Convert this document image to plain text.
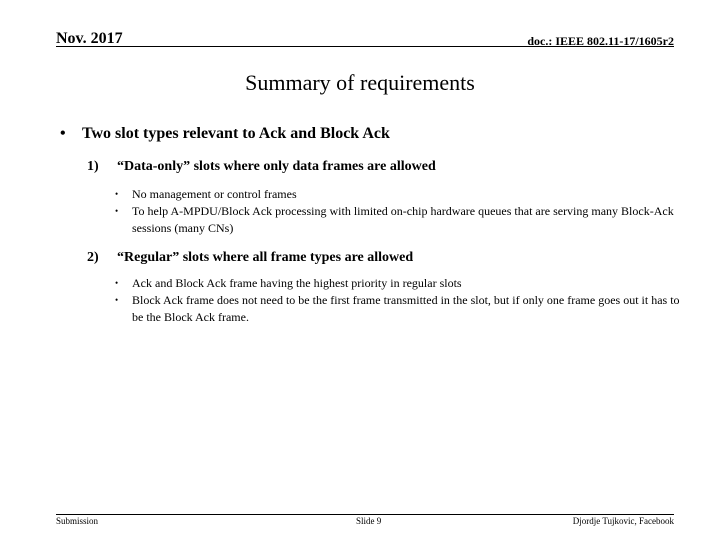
Nov. 2017	doc.: IEEE 802.11-17/1605r2
Summary of requirements
•	Two slot types relevant to Ack and Block Ack
1)	“Data-only” slots where only data frames are allowed
•	No management or control frames
•	To help A-MPDU/Block Ack processing with limited on-chip hardware queues that are serving many Block-Ack sessions (many CNs)
2)	“Regular” slots where all frame types are allowed
•	Ack and Block Ack frame having the highest priority in regular slots
•	Block Ack frame does not need to be the first frame transmitted in the slot, but if only one frame goes out it has to be the Block Ack frame.
Submission	Slide 9	Djordje Tujkovic, Facebook
